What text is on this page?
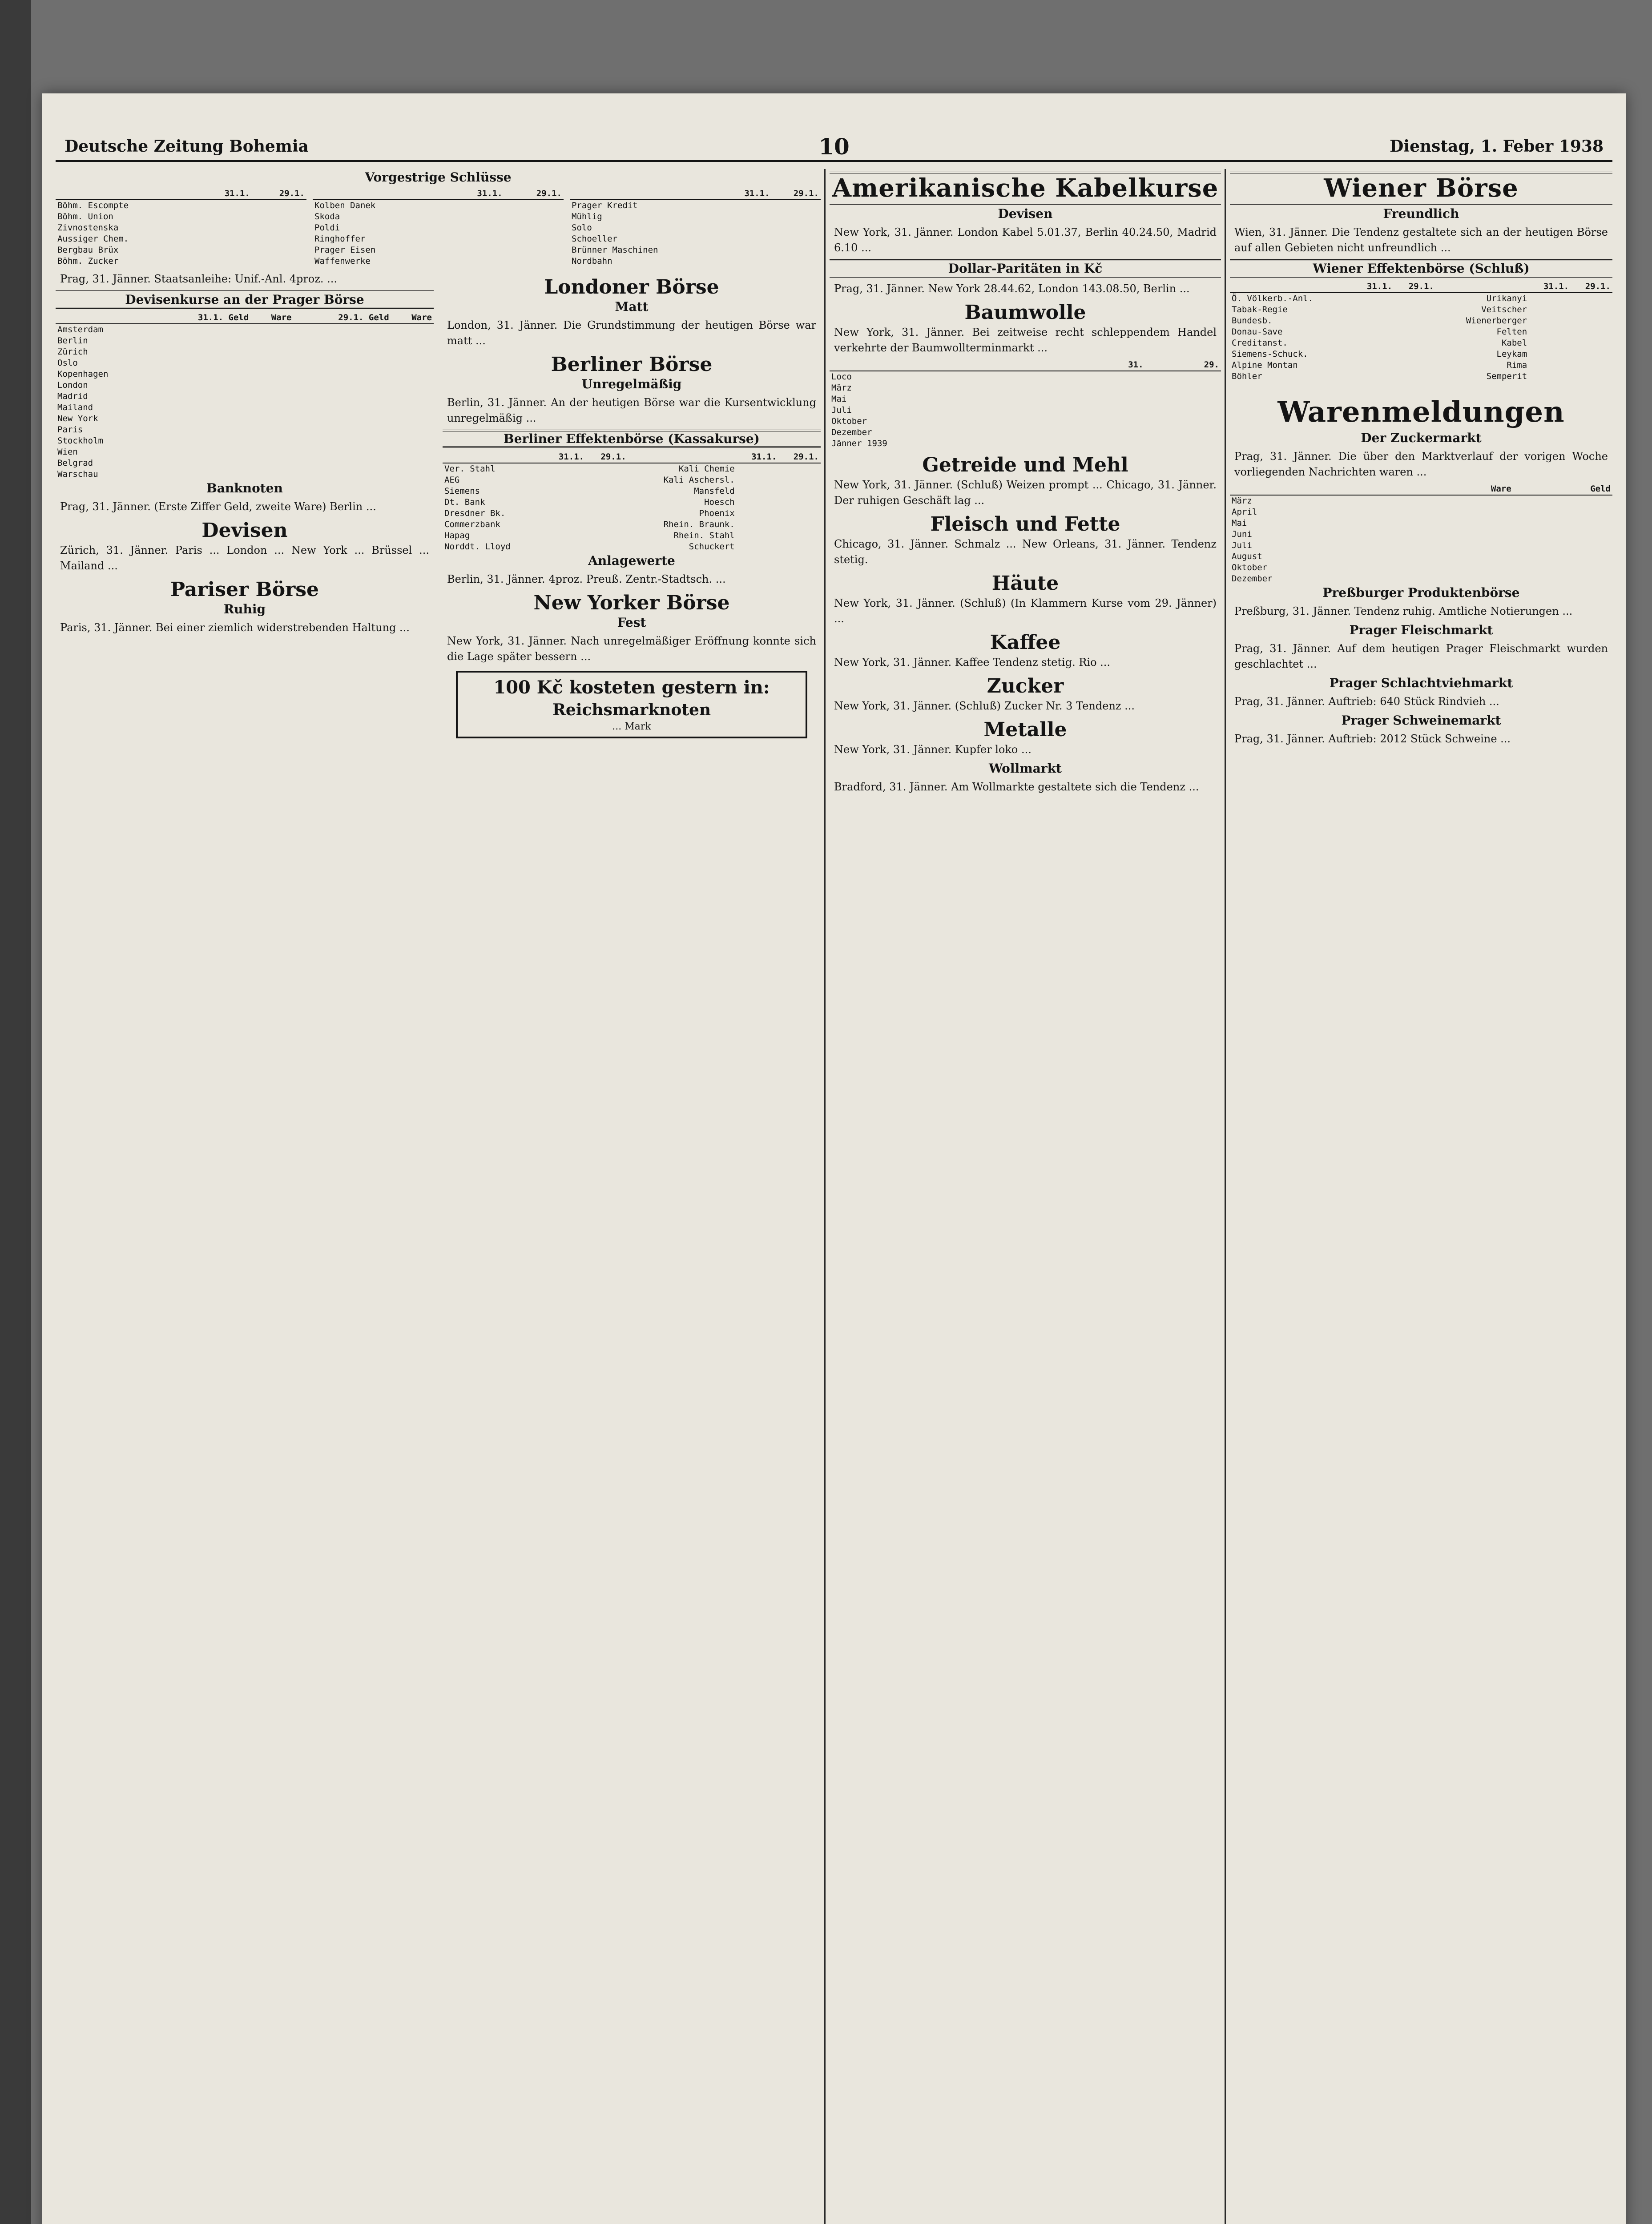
Deutsche Zeitung Bohemia	10	Dienstag, 1. Feber 1938
Vorgestrige Schlüsse
	31.1.	29.1.
Böhm. Escompte		
Böhm. Union		
Zivnostenska		
Aussiger Chem.		
Bergbau Brüx		
Böhm. Zucker		
	31.1.	29.1.
Kolben Danek		
Skoda		
Poldi		
Ringhoffer		
Prager Eisen		
Waffenwerke		
	31.1.	29.1.
Prager Kredit		
Mühlig		
Solo		
Schoeller		
Brünner Maschinen		
Nordbahn		

Prag, 31. Jänner. Staatsanleihe: Unif.-Anl. 4proz. ...

Devisenkurse an der Prager Börse
	31.1. Geld	Ware	29.1. Geld	Ware
Amsterdam				
Berlin				
Zürich				
Oslo				
Kopenhagen				
London				
Madrid				
Mailand				
New York				
Paris				
Stockholm				
Wien				
Belgrad				
Warschau				
Banknoten

Prag, 31. Jänner. (Erste Ziffer Geld, zweite Ware) Berlin ...

Devisen

Zürich, 31. Jänner. Paris ... London ... New York ... Brüssel ... Mailand ...

Pariser Börse
Ruhig

Paris, 31. Jänner. Bei einer ziemlich widerstrebenden Haltung ...

Londoner Börse
Matt

London, 31. Jänner. Die Grundstimmung der heutigen Börse war matt ...

Berliner Börse
Unregelmäßig

Berlin, 31. Jänner. An der heutigen Börse war die Kursentwicklung unregelmäßig ...

Berliner Effektenbörse (Kassakurse)
	31.1.	29.1.		31.1.	29.1.
Ver. Stahl			Kali Chemie		
AEG			Kali Aschersl.		
Siemens			Mansfeld		
Dt. Bank			Hoesch		
Dresdner Bk.			Phoenix		
Commerzbank			Rhein. Braunk.		
Hapag			Rhein. Stahl		
Norddt. Lloyd			Schuckert		
Anlagewerte

Berlin, 31. Jänner. 4proz. Preuß. Zentr.-Stadtsch. ...

New Yorker Börse
Fest

New York, 31. Jänner. Nach unregelmäßiger Eröffnung konnte sich die Lage später bessern ...

100 Kč kosteten gestern in:
Reichsmarknoten
... Mark
Amerikanische Kabelkurse
Devisen

New York, 31. Jänner. London Kabel 5.01.37, Berlin 40.24.50, Madrid 6.10 ...

Dollar-Paritäten in Kč

Prag, 31. Jänner. New York 28.44.62, London 143.08.50, Berlin ...

Baumwolle

New York, 31. Jänner. Bei zeitweise recht schleppendem Handel verkehrte der Baumwollterminmarkt ...

	31.	29.
Loco		
März		
Mai		
Juli		
Oktober		
Dezember		
Jänner 1939		
Getreide und Mehl

New York, 31. Jänner. (Schluß) Weizen prompt ... Chicago, 31. Jänner. Der ruhigen Geschäft lag ...

Fleisch und Fette

Chicago, 31. Jänner. Schmalz ... New Orleans, 31. Jänner. Tendenz stetig.

Häute

New York, 31. Jänner. (Schluß) (In Klammern Kurse vom 29. Jänner) ...

Kaffee

New York, 31. Jänner. Kaffee Tendenz stetig. Rio ...

Zucker

New York, 31. Jänner. (Schluß) Zucker Nr. 3 Tendenz ...

Metalle

New York, 31. Jänner. Kupfer loko ...

Wollmarkt

Bradford, 31. Jänner. Am Wollmarkte gestaltete sich die Tendenz ...

Wiener Börse
Freundlich

Wien, 31. Jänner. Die Tendenz gestaltete sich an der heutigen Börse auf allen Gebieten nicht unfreundlich ...

Wiener Effektenbörse (Schluß)
	31.1.	29.1.		31.1.	29.1.
Ö. Völkerb.-Anl.			Urikanyi		
Tabak-Regie			Veitscher		
Bundesb.			Wienerberger		
Donau-Save			Felten		
Creditanst.			Kabel		
Siemens-Schuck.			Leykam		
Alpine Montan			Rima		
Böhler			Semperit		
Warenmeldungen
Der Zuckermarkt

Prag, 31. Jänner. Die über den Marktverlauf der vorigen Woche vorliegenden Nachrichten waren ...

	Ware	Geld
März		
April		
Mai		
Juni		
Juli		
August		
Oktober		
Dezember		
Preßburger Produktenbörse

Preßburg, 31. Jänner. Tendenz ruhig. Amtliche Notierungen ...

Prager Fleischmarkt

Prag, 31. Jänner. Auf dem heutigen Prager Fleischmarkt wurden geschlachtet ...

Prager Schlachtviehmarkt

Prag, 31. Jänner. Auftrieb: 640 Stück Rindvieh ...

Prager Schweinemarkt

Prag, 31. Jänner. Auftrieb: 2012 Stück Schweine ...
